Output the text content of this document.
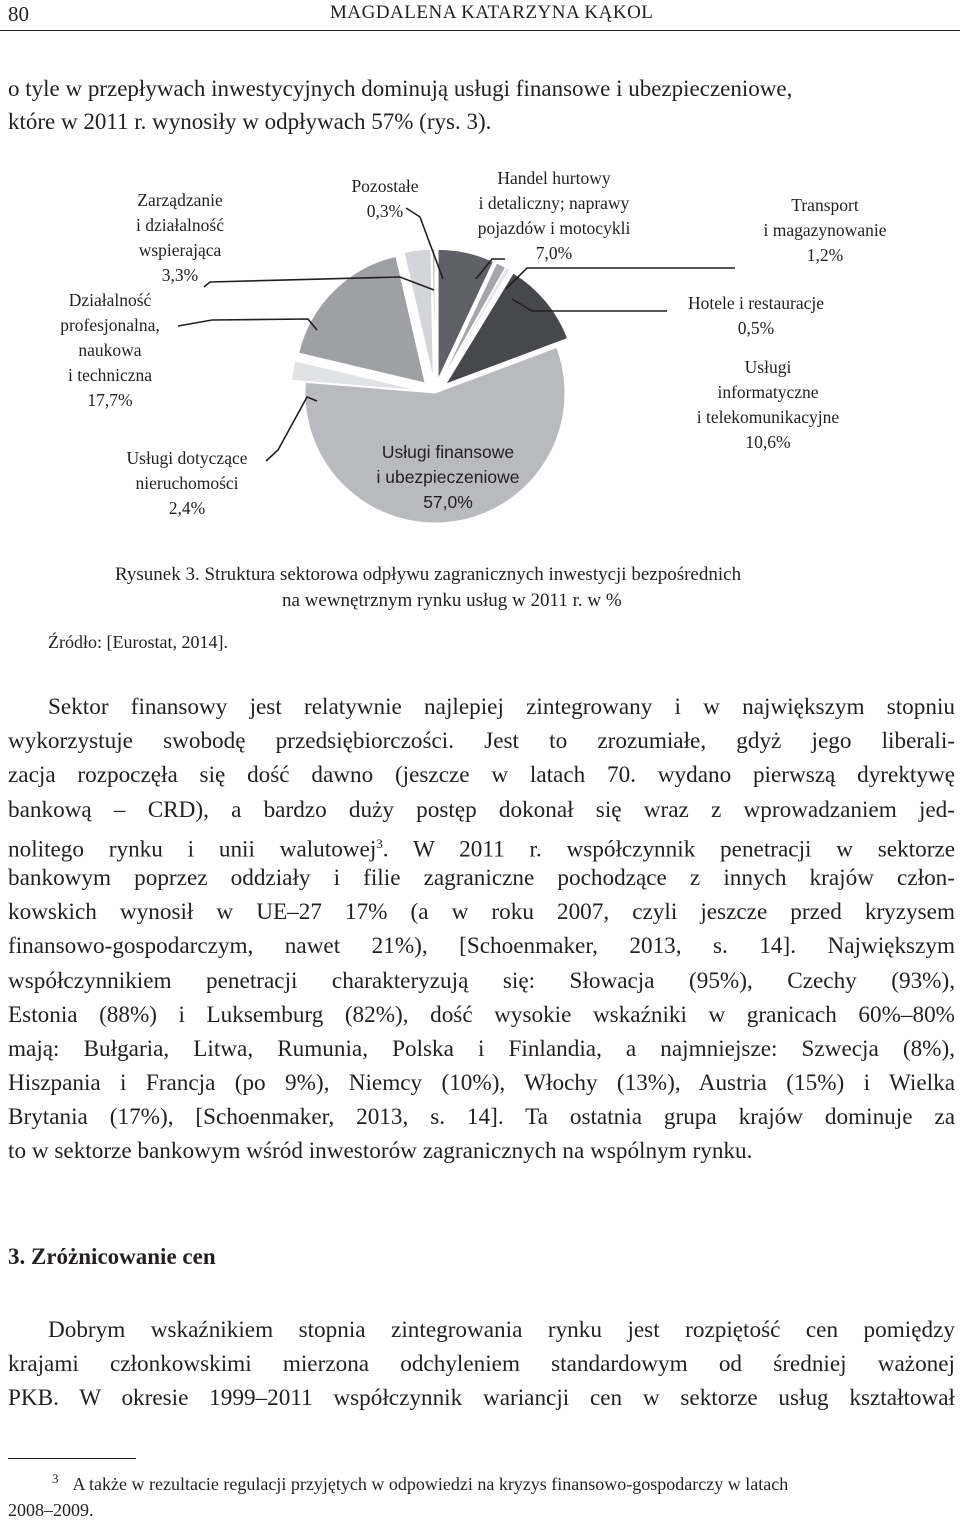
80	MAGDALENA KATARZYNA KĄKOL
o tyle w przepływach inwestycyjnych dominują usługi finansowe i ubezpieczeniowe,
które w 2011 r. wynosiły w odpływach 57% (rys. 3).
Handel hurtowy
i detaliczny; naprawy
pojazdów i motocykli
7,0%
Transport
i magazynowanie
1,2%
Hotele i restauracje
0,5%
Usługi
informatyczne
i telekomunikacyjne
10,6%
Usługi finansowe
i ubezpieczeniowe
57,0%
Usługi dotyczące
nieruchomości
2,4%
Działalność
profesjonalna,
naukowa
i techniczna
17,7%
Zarządzanie
i działalność
wspierająca
3,3%
Pozostałe
0,3%
Rysunek 3. Struktura sektorowa odpływu zagranicznych inwestycji bezpośrednich
na wewnętrznym rynku usług w 2011 r. w %
Źródło: [Eurostat, 2014].
Sektor finansowy jest relatywnie najlepiej zintegrowany i w największym stopniu
wykorzystuje swobodę przedsiębiorczości. Jest to zrozumiałe, gdyż jego liberali-
zacja rozpoczęła się dość dawno (jeszcze w latach 70. wydano pierwszą dyrektywę
bankową – CRD), a bardzo duży postęp dokonał się wraz z wprowadzaniem jed-
nolitego rynku i unii walutowej$^3$. W 2011 r. współczynnik penetracji w sektorze
bankowym poprzez oddziały i filie zagraniczne pochodzące z innych krajów człon-
kowskich wynosił w UE–27 17% (a w roku 2007, czyli jeszcze przed kryzysem
finansowo-gospodarczym, nawet 21%), [Schoenmaker, 2013, s. 14]. Największym
współczynnikiem penetracji charakteryzują się: Słowacja (95%), Czechy (93%),
Estonia (88%) i Luksemburg (82%), dość wysokie wskaźniki w granicach 60%–80%
mają: Bułgaria, Litwa, Rumunia, Polska i Finlandia, a najmniejsze: Szwecja (8%),
Hiszpania i Francja (po 9%), Niemcy (10%), Włochy (13%), Austria (15%) i Wielka
Brytania (17%), [Schoenmaker, 2013, s. 14]. Ta ostatnia grupa krajów dominuje za
to w sektorze bankowym wśród inwestorów zagranicznych na wspólnym rynku.
3. Zróżnicowanie cen
Dobrym wskaźnikiem stopnia zintegrowania rynku jest rozpiętość cen pomiędzy
krajami członkowskimi mierzona odchyleniem standardowym od średniej ważonej
PKB. W okresie 1999–2011 współczynnik wariancji cen w sektorze usług kształtował
$^3$ A także w rezultacie regulacji przyjętych w odpowiedzi na kryzys finansowo-gospodarczy w latach
2008–2009.
